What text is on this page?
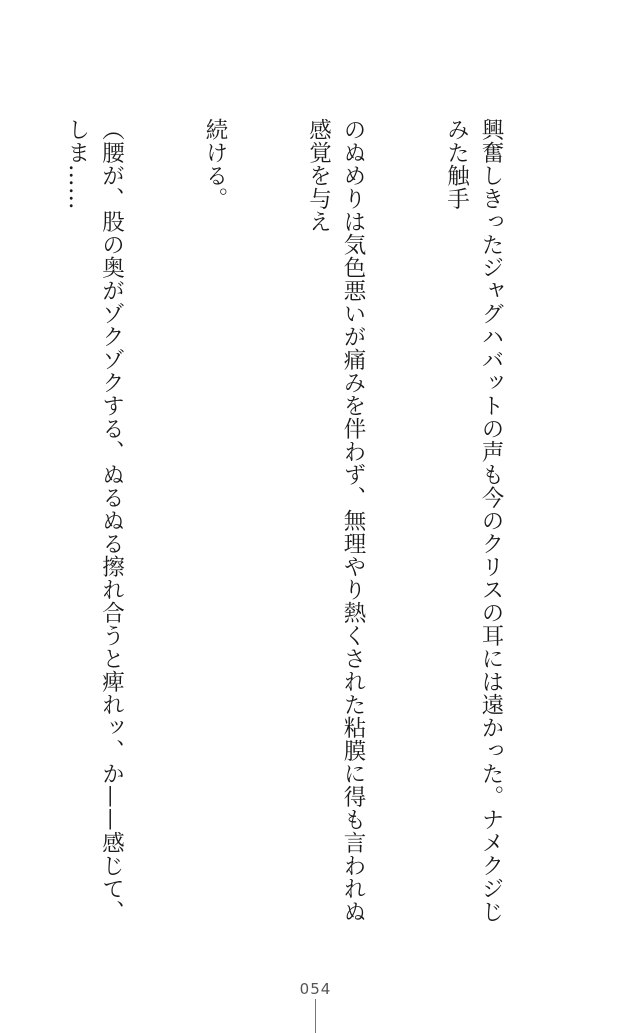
興奮しきったジャグハバットの声も今のクリスの耳には遠かった。ナメクジじみた触手

のぬめりは気色悪いが痛みを伴わず、無理やり熱くされた粘膜に得も言われぬ感覚を与え

続ける。

（腰が、股の奥がゾクゾクする、ぬるぬる擦れ合うと痺れッ、か——感じて、しま……

054
